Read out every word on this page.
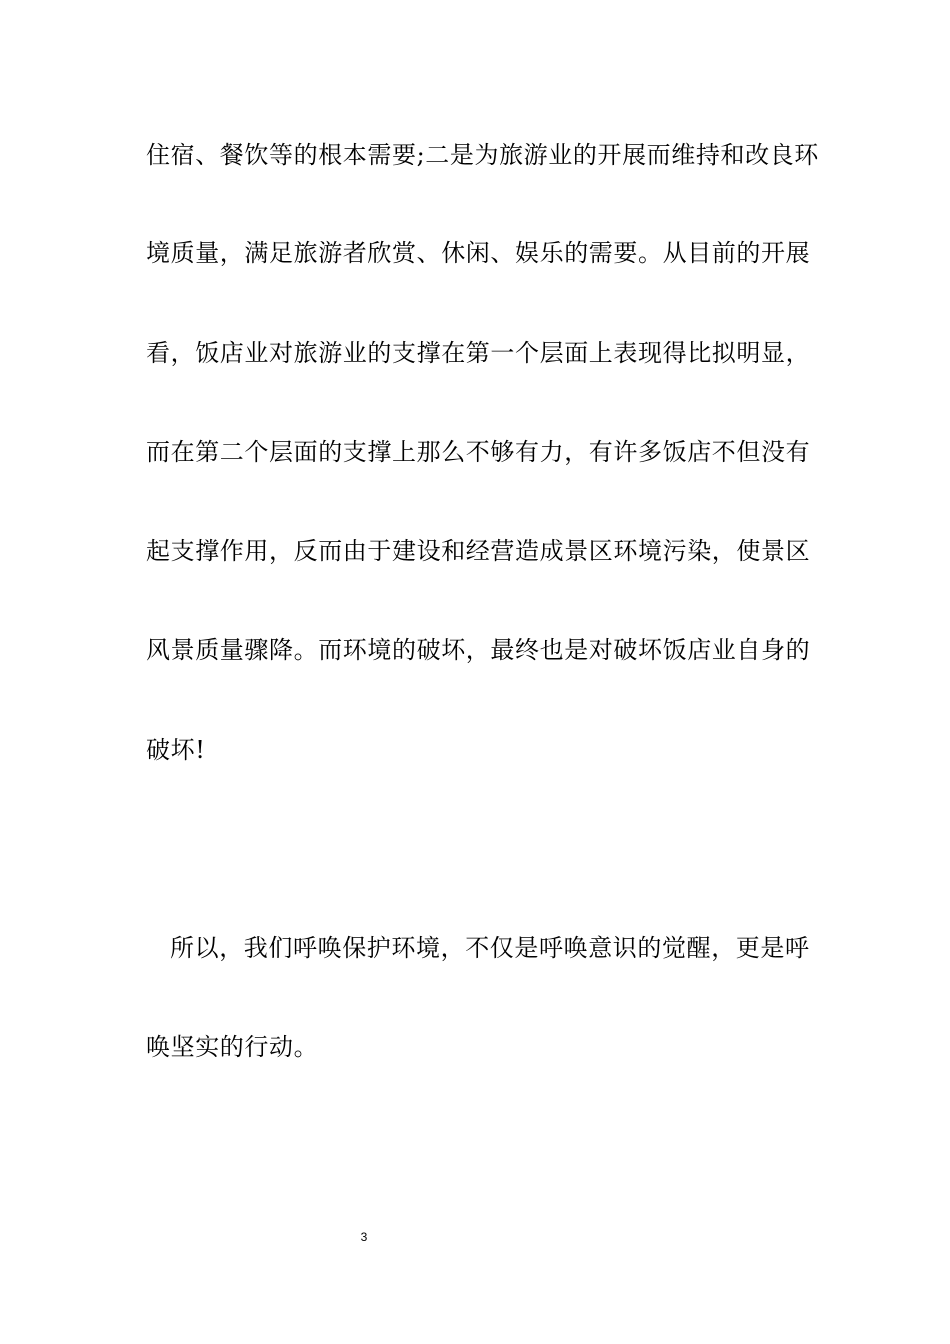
住宿、餐饮等的根本需要;二是为旅游业的开展而维持和改良环
境质量，满足旅游者欣赏、休闲、娱乐的需要。从目前的开展
看，饭店业对旅游业的支撑在第一个层面上表现得比拟明显，
而在第二个层面的支撑上那么不够有力，有许多饭店不但没有
起支撑作用，反而由于建设和经营造成景区环境污染，使景区
风景质量骤降。而环境的破坏，最终也是对破坏饭店业自身的
破坏!
所以，我们呼唤保护环境，不仅是呼唤意识的觉醒，更是呼
唤坚实的行动。
3
